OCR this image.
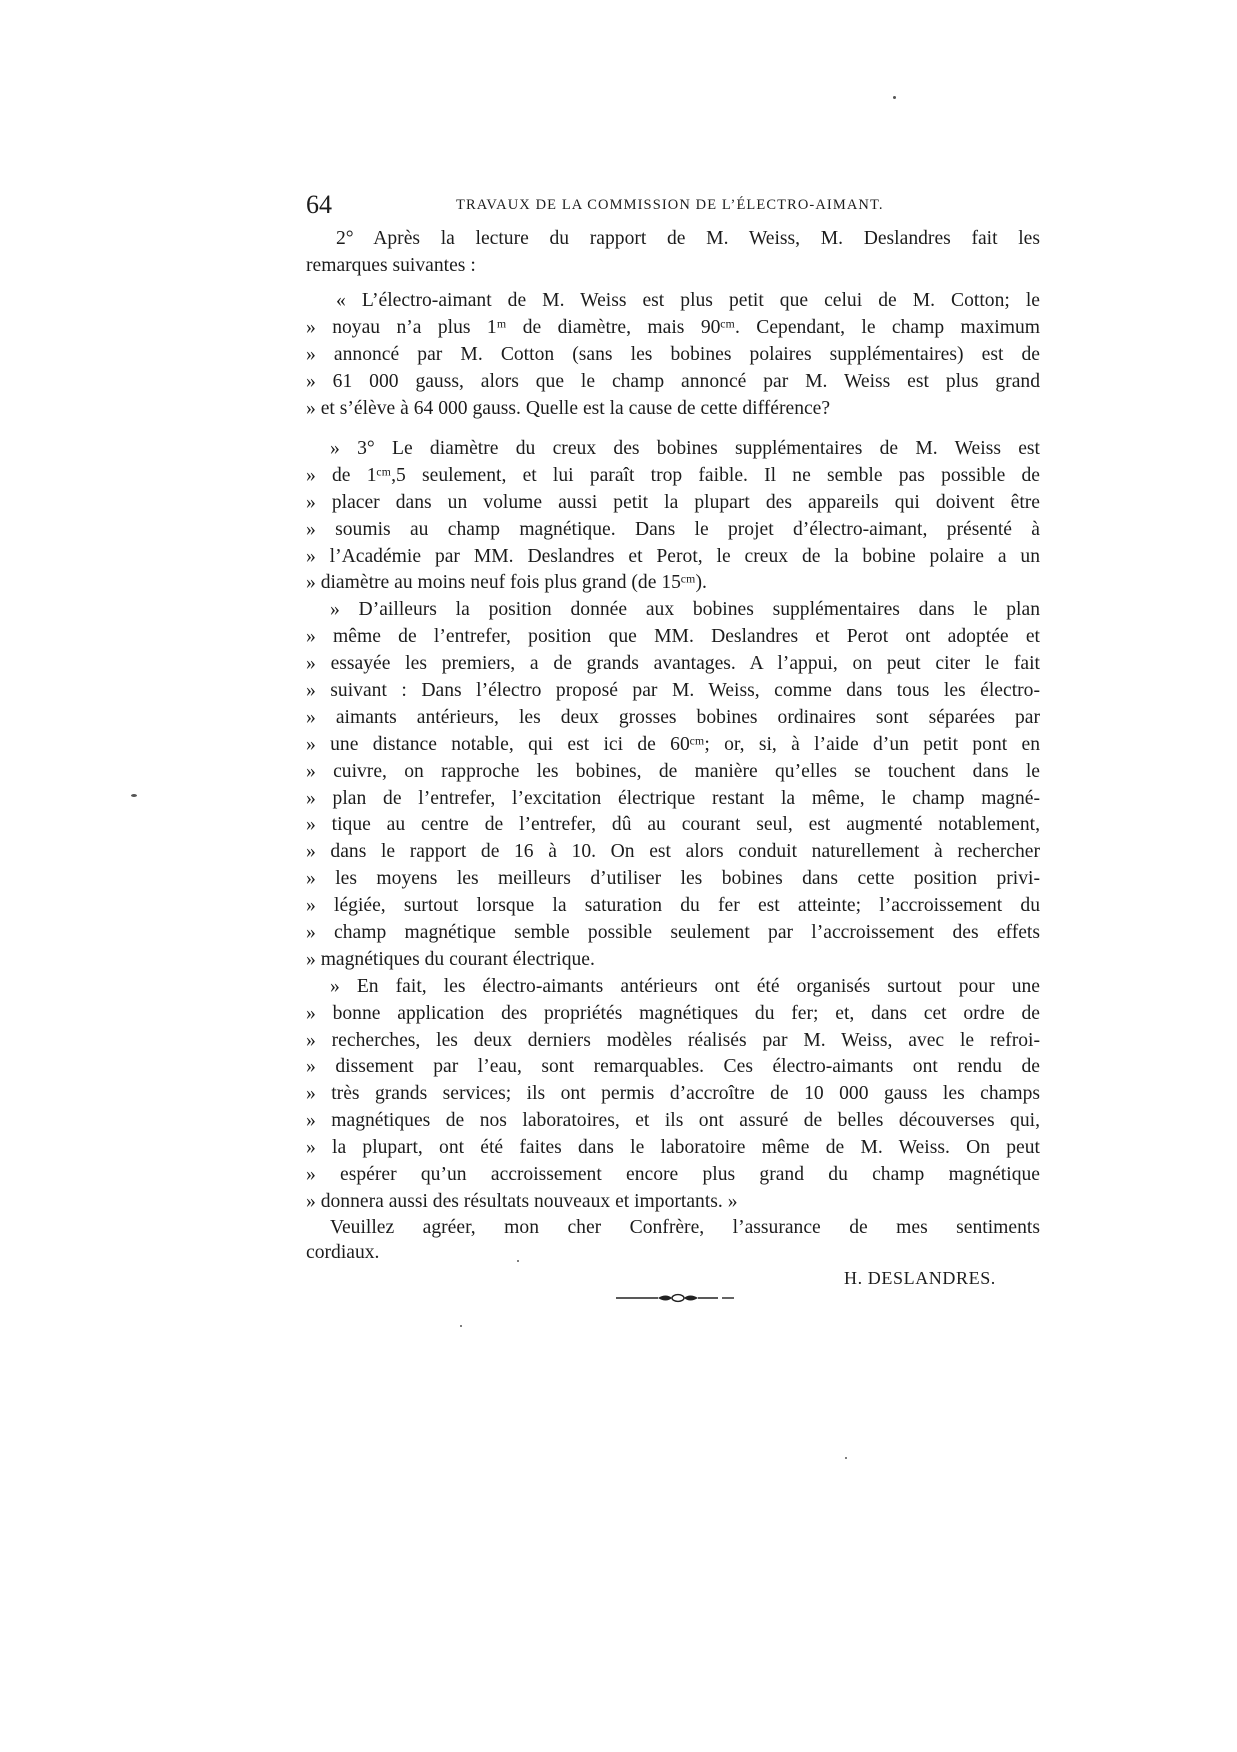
64	TRAVAUX DE LA COMMISSION DE L’ÉLECTRO-AIMANT.

2° Après la lecture du rapport de M. Weiss, M. Deslandres fait les
remarques suivantes :

« L’électro-aimant de M. Weiss est plus petit que celui de M. Cotton; le
» noyau n’a plus 1ᵐ de diamètre, mais 90ᶜᵐ. Cependant, le champ maximum
» annoncé par M. Cotton (sans les bobines polaires supplémentaires) est de
» 61 000 gauss, alors que le champ annoncé par M. Weiss est plus grand
» et s’élève à 64 000 gauss. Quelle est la cause de cette différence?

» 3° Le diamètre du creux des bobines supplémentaires de M. Weiss est
» de 1ᶜᵐ,5 seulement, et lui paraît trop faible. Il ne semble pas possible de
» placer dans un volume aussi petit la plupart des appareils qui doivent être
» soumis au champ magnétique. Dans le projet d’électro-aimant, présenté à
» l’Académie par MM. Deslandres et Perot, le creux de la bobine polaire a un
» diamètre au moins neuf fois plus grand (de 15ᶜᵐ).
» D’ailleurs la position donnée aux bobines supplémentaires dans le plan
» même de l’entrefer, position que MM. Deslandres et Perot ont adoptée et
» essayée les premiers, a de grands avantages. A l’appui, on peut citer le fait
» suivant : Dans l’électro proposé par M. Weiss, comme dans tous les électro-
» aimants antérieurs, les deux grosses bobines ordinaires sont séparées par
» une distance notable, qui est ici de 60ᶜᵐ; or, si, à l’aide d’un petit pont en
» cuivre, on rapproche les bobines, de manière qu’elles se touchent dans le
» plan de l’entrefer, l’excitation électrique restant la même, le champ magné-
» tique au centre de l’entrefer, dû au courant seul, est augmenté notablement,
» dans le rapport de 16 à 10. On est alors conduit naturellement à rechercher
» les moyens les meilleurs d’utiliser les bobines dans cette position privi-
» légiée, surtout lorsque la saturation du fer est atteinte; l’accroissement du
» champ magnétique semble possible seulement par l’accroissement des effets
» magnétiques du courant électrique.
» En fait, les électro-aimants antérieurs ont été organisés surtout pour une
» bonne application des propriétés magnétiques du fer; et, dans cet ordre de
» recherches, les deux derniers modèles réalisés par M. Weiss, avec le refroi-
» dissement par l’eau, sont remarquables. Ces électro-aimants ont rendu de
» très grands services; ils ont permis d’accroître de 10 000 gauss les champs
» magnétiques de nos laboratoires, et ils ont assuré de belles découverses qui,
» la plupart, ont été faites dans le laboratoire même de M. Weiss. On peut
» espérer qu’un accroissement encore plus grand du champ magnétique
» donnera aussi des résultats nouveaux et importants. »

Veuillez agréer, mon cher Confrère, l’assurance de mes sentiments
cordiaux.
H. DESLANDRES.
